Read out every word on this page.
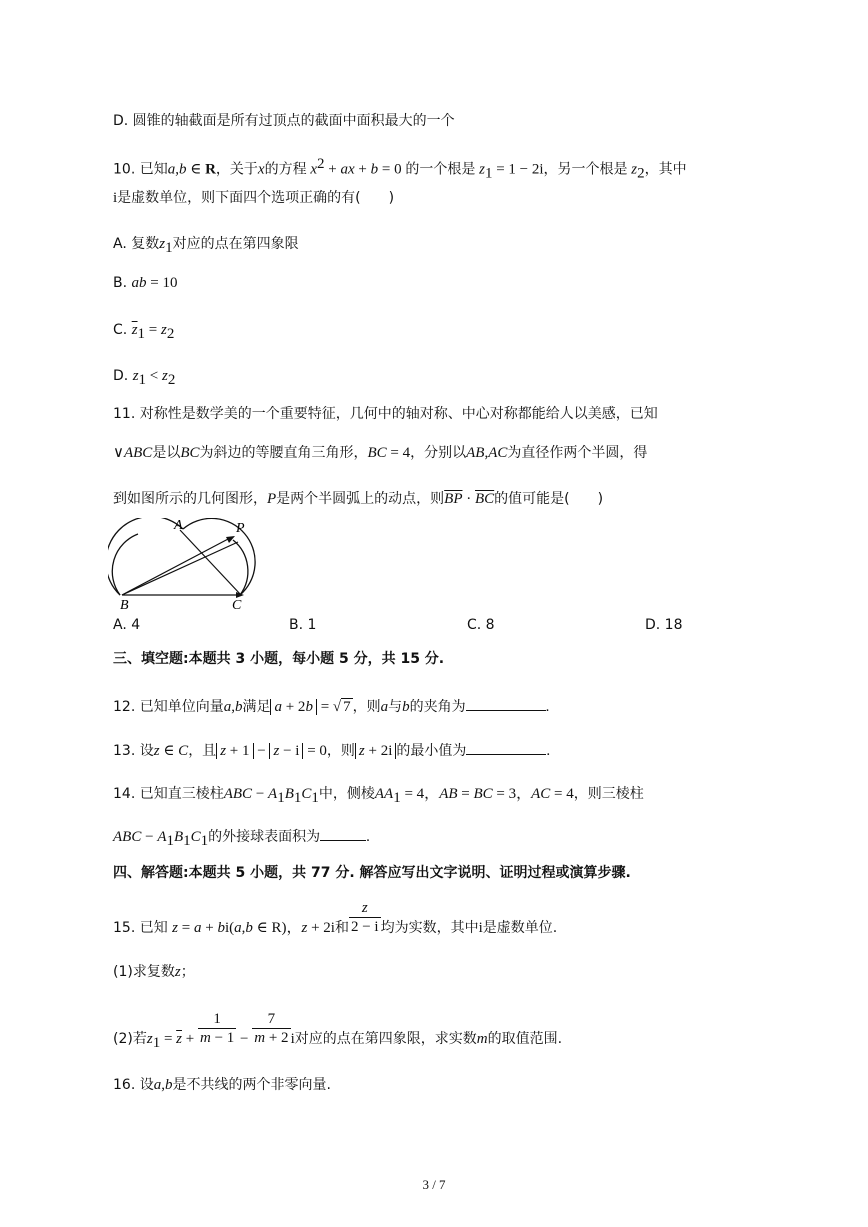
D. 圆锥的轴截面是所有过顶点的截面中面积最大的一个
10. 已知a,b ∈ R，关于x的方程 $x^2$ + ax + b = 0 的一个根是 $z_1 = 1 - 2i$，另一个根是 $z_2$，其中
i是虚数单位，则下面四个选项正确的有(　　)
A. 复数$z_1$对应的点在第四象限
B. ab = 10
C. $\overline{z}_1 = z_2$
D. $z_1 < z_2$
11. 对称性是数学美的一个重要特征，几何中的轴对称、中心对称都能给人以美感，已知
∨ABC是以BC为斜边的等腰直角三角形，BC = 4，分别以AB,AC为直径作两个半圆，得
到如图所示的几何图形，P是两个半圆弧上的动点，则$\overline{BP} \cdot \overline{BC}$的值可能是(　　)
A	P
B	C
A. 4	B. 1	C. 8	D. 18
三、填空题:本题共 3 小题，每小题 5 分，共 15 分.
12. 已知单位向量a,b满足 a + 2b = √ 7 ，则a与b的夹角为	.
13. 设z ∈ C，且 z + 1 − z − i = 0，则 z + 2i 的最小值为	.
14. 已知直三棱柱ABC − $A_1B_1C_1$中，侧棱$AA_1 = 4$，AB = BC = 3，AC = 4，则三棱柱
ABC − $A_1B_1C_1$的外接球表面积为	.
四、解答题:本题共 5 小题，共 77 分. 解答应写出文字说明、证明过程或演算步骤.
15. 已知 z = a + bi(a,b ∈ R)，z + 2i和 $\frac{z}{2 - i}$ 均为实数，其中i是虚数单位.
(1)求复数z；
(2)若$z_1 = \overline{z} + \frac{1}{m - 1} - \frac{7}{m + 2}$ i对应的点在第四象限，求实数m的取值范围.
16. 设a,b是不共线的两个非零向量.
3 / 7
